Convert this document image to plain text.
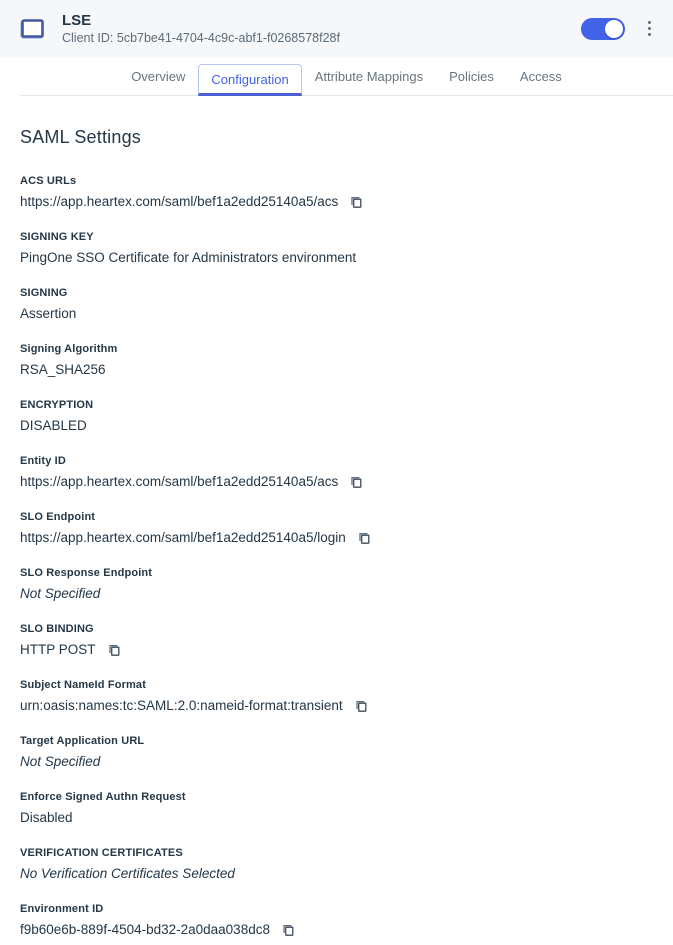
LSE
Client ID: 5cb7be41-4704-4c9c-abf1-f0268578f28f
Overview	Configuration	Attribute Mappings	Policies	Access
SAML Settings
ACS URLs
https://app.heartex.com/saml/bef1a2edd25140a5/acs
SIGNING KEY
PingOne SSO Certificate for Administrators environment
SIGNING
Assertion
Signing Algorithm
RSA_SHA256
ENCRYPTION
DISABLED
Entity ID
https://app.heartex.com/saml/bef1a2edd25140a5/acs
SLO Endpoint
https://app.heartex.com/saml/bef1a2edd25140a5/login
SLO Response Endpoint
Not Specified
SLO BINDING
HTTP POST
Subject NameId Format
urn:oasis:names:tc:SAML:2.0:nameid-format:transient
Target Application URL
Not Specified
Enforce Signed Authn Request
Disabled
VERIFICATION CERTIFICATES
No Verification Certificates Selected
Environment ID
f9b60e6b-889f-4504-bd32-2a0daa038dc8
